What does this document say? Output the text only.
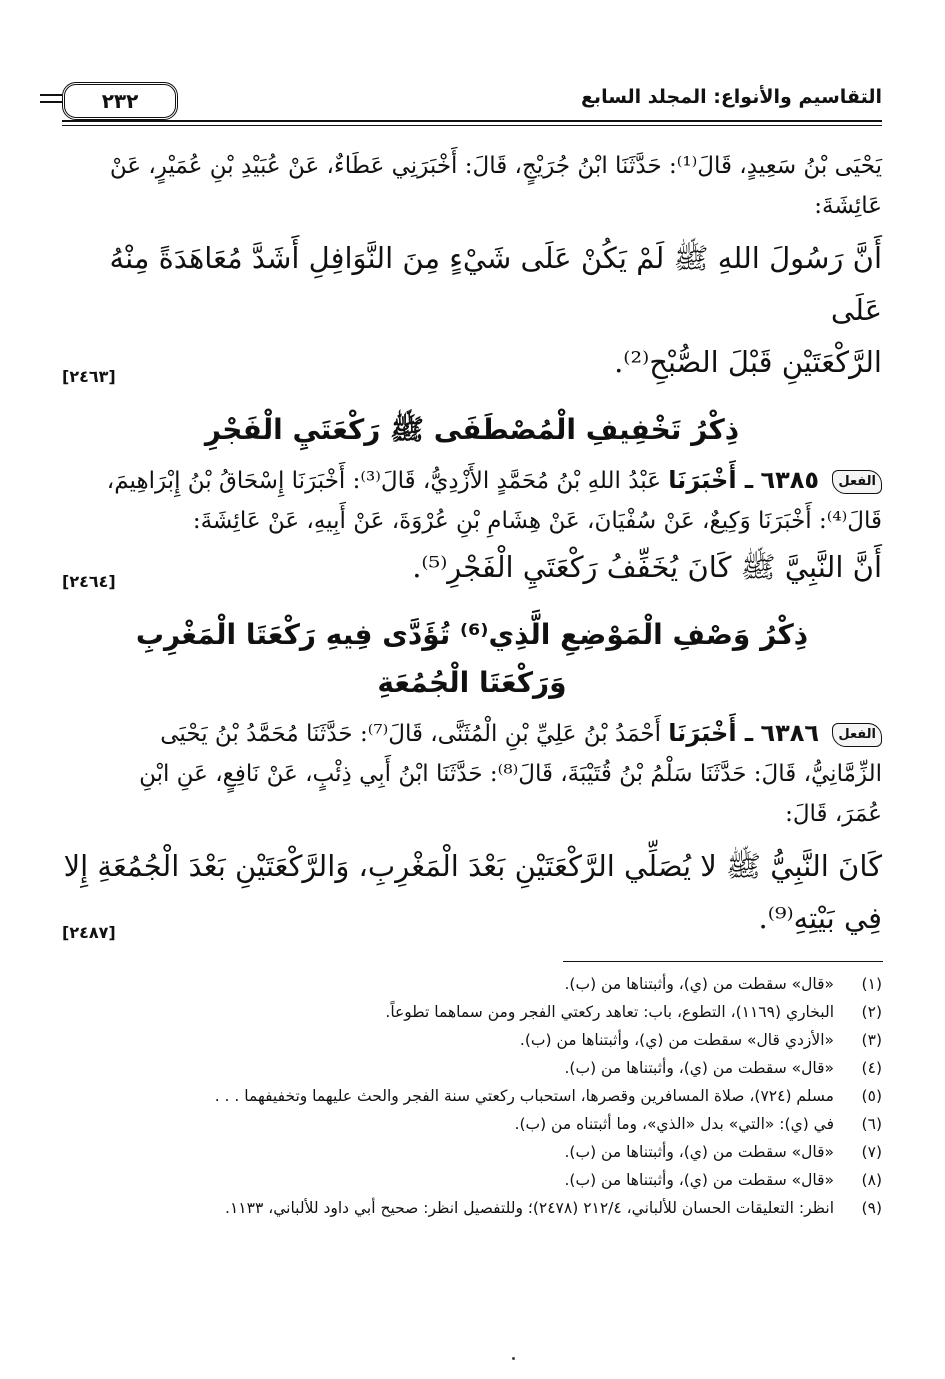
التقاسيم والأنواع: المجلد السابع
٢٣٢
يَحْيَى بْنُ سَعِيدٍ، قَالَ⁽¹⁾: حَدَّثَنَا ابْنُ جُرَيْجٍ، قَالَ: أَخْبَرَنِي عَطَاءٌ، عَنْ عُبَيْدِ بْنِ عُمَيْرٍ، عَنْ
عَائِشَةَ:
أَنَّ رَسُولَ اللهِ ﷺ لَمْ يَكُنْ عَلَى شَيْءٍ مِنَ النَّوَافِلِ أَشَدَّ مُعَاهَدَةً مِنْهُ عَلَى
الرَّكْعَتَيْنِ قَبْلَ الصُّبْحِ⁽²⁾.
[٢٤٦٣]
ذِكْرُ تَخْفِيفِ الْمُصْطَفَى ﷺ رَكْعَتَيِ الْفَجْرِ
الفعل ٦٣٨٥ ـ أَخْبَرَنَا عَبْدُ اللهِ بْنُ مُحَمَّدٍ الأَزْدِيُّ، قَالَ⁽³⁾: أَخْبَرَنَا إِسْحَاقُ بْنُ إِبْرَاهِيمَ،
قَالَ⁽⁴⁾: أَخْبَرَنَا وَكِيعٌ، عَنْ سُفْيَانَ، عَنْ هِشَامِ بْنِ عُرْوَةَ، عَنْ أَبِيهِ، عَنْ عَائِشَةَ:
أَنَّ النَّبِيَّ ﷺ كَانَ يُخَفِّفُ رَكْعَتَيِ الْفَجْرِ⁽⁵⁾.
[٢٤٦٤]
ذِكْرُ وَصْفِ الْمَوْضِعِ الَّذِي⁽⁶⁾ تُؤَدَّى فِيهِ رَكْعَتَا الْمَغْرِبِ
وَرَكْعَتَا الْجُمُعَةِ
الفعل ٦٣٨٦ ـ أَخْبَرَنَا أَحْمَدُ بْنُ عَلِيِّ بْنِ الْمُثَنَّى، قَالَ⁽⁷⁾: حَدَّثَنَا مُحَمَّدُ بْنُ يَحْيَى
الزِّمَّانِيُّ، قَالَ: حَدَّثَنَا سَلْمُ بْنُ قُتَيْبَةَ، قَالَ⁽⁸⁾: حَدَّثَنَا ابْنُ أَبِي ذِئْبٍ، عَنْ نَافِعٍ، عَنِ ابْنِ
عُمَرَ، قَالَ:
كَانَ النَّبِيُّ ﷺ لا يُصَلِّي الرَّكْعَتَيْنِ بَعْدَ الْمَغْرِبِ، وَالرَّكْعَتَيْنِ بَعْدَ الْجُمُعَةِ إِلا
فِي بَيْتِهِ⁽⁹⁾.
[٢٤٨٧]
(١)
«قال» سقطت من (ي)، وأثبتناها من (ب).
(٢)
البخاري (١١٦٩)، التطوع، باب: تعاهد ركعتي الفجر ومن سماهما تطوعاً.
(٣)
«الأزدي قال» سقطت من (ي)، وأثبتناها من (ب).
(٤)
«قال» سقطت من (ي)، وأثبتناها من (ب).
(٥)
مسلم (٧٢٤)، صلاة المسافرين وقصرها، استحباب ركعتي سنة الفجر والحث عليهما وتخفيفهما . . .
(٦)
في (ي): «التي» بدل «الذي»، وما أثبتناه من (ب).
(٧)
«قال» سقطت من (ي)، وأثبتناها من (ب).
(٨)
«قال» سقطت من (ي)، وأثبتناها من (ب).
(٩)
انظر: التعليقات الحسان للألباني، ٢١٢/٤ (٢٤٧٨)؛ وللتفصيل انظر: صحيح أبي داود للألباني، ١١٣٣.
